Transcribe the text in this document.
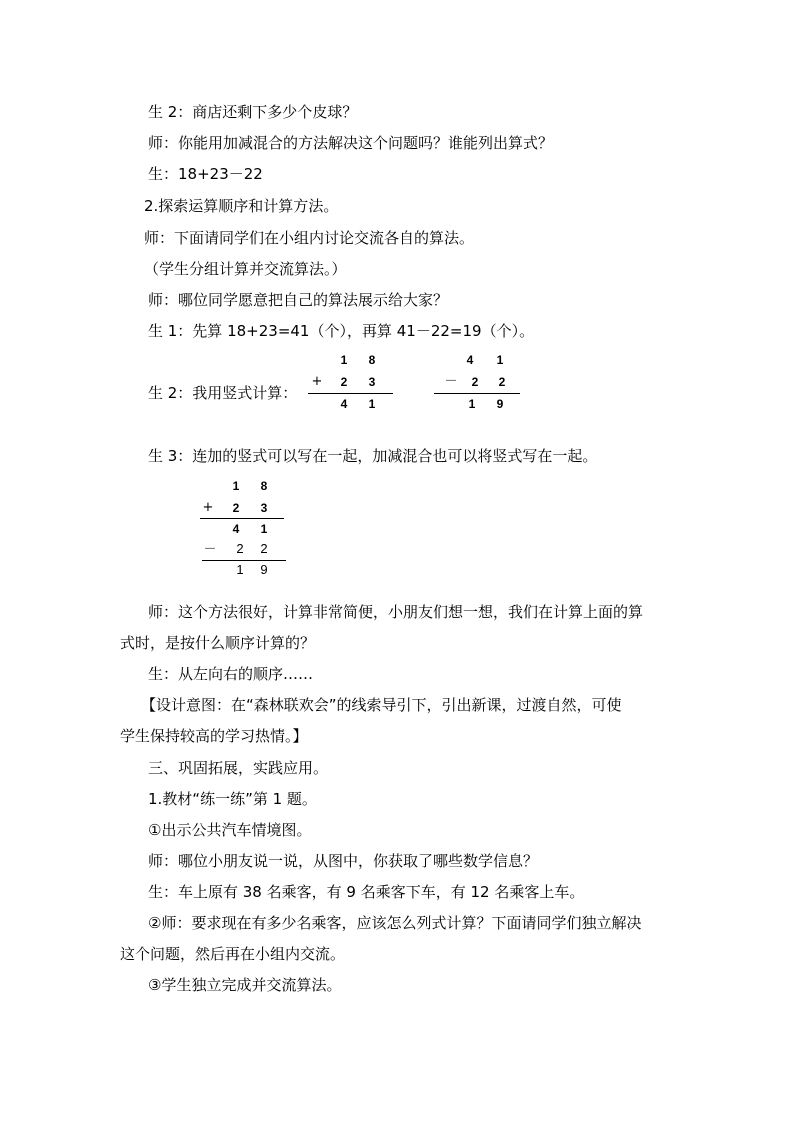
生 2：商店还剩下多少个皮球？
师：你能用加减混合的方法解决这个问题吗？谁能列出算式？
生：18+23－22
2.探索运算顺序和计算方法。
师：下面请同学们在小组内讨论交流各自的算法。
（学生分组计算并交流算法。）
师：哪位同学愿意把自己的算法展示给大家？
生 1：先算 18+23=41（个），再算 41－22=19（个）。
生 2：我用竖式计算：
1 8
+ 2 3
4 1
4 1
－ 2 2
1 9
生 3：连加的竖式可以写在一起，加减混合也可以将竖式写在一起。
1 8
+ 2 3
4 1
－ 2 2
1 9
师：这个方法很好，计算非常简便，小朋友们想一想，我们在计算上面的算
式时，是按什么顺序计算的？
生：从左向右的顺序……
【设计意图：在“森林联欢会”的线索导引下，引出新课，过渡自然，可使
学生保持较高的学习热情。】
三、巩固拓展，实践应用。
1.教材“练一练”第 1 题。
①出示公共汽车情境图。
师：哪位小朋友说一说，从图中，你获取了哪些数学信息？
生：车上原有 38 名乘客，有 9 名乘客下车，有 12 名乘客上车。
②师：要求现在有多少名乘客，应该怎么列式计算？下面请同学们独立解决
这个问题，然后再在小组内交流。
③学生独立完成并交流算法。
